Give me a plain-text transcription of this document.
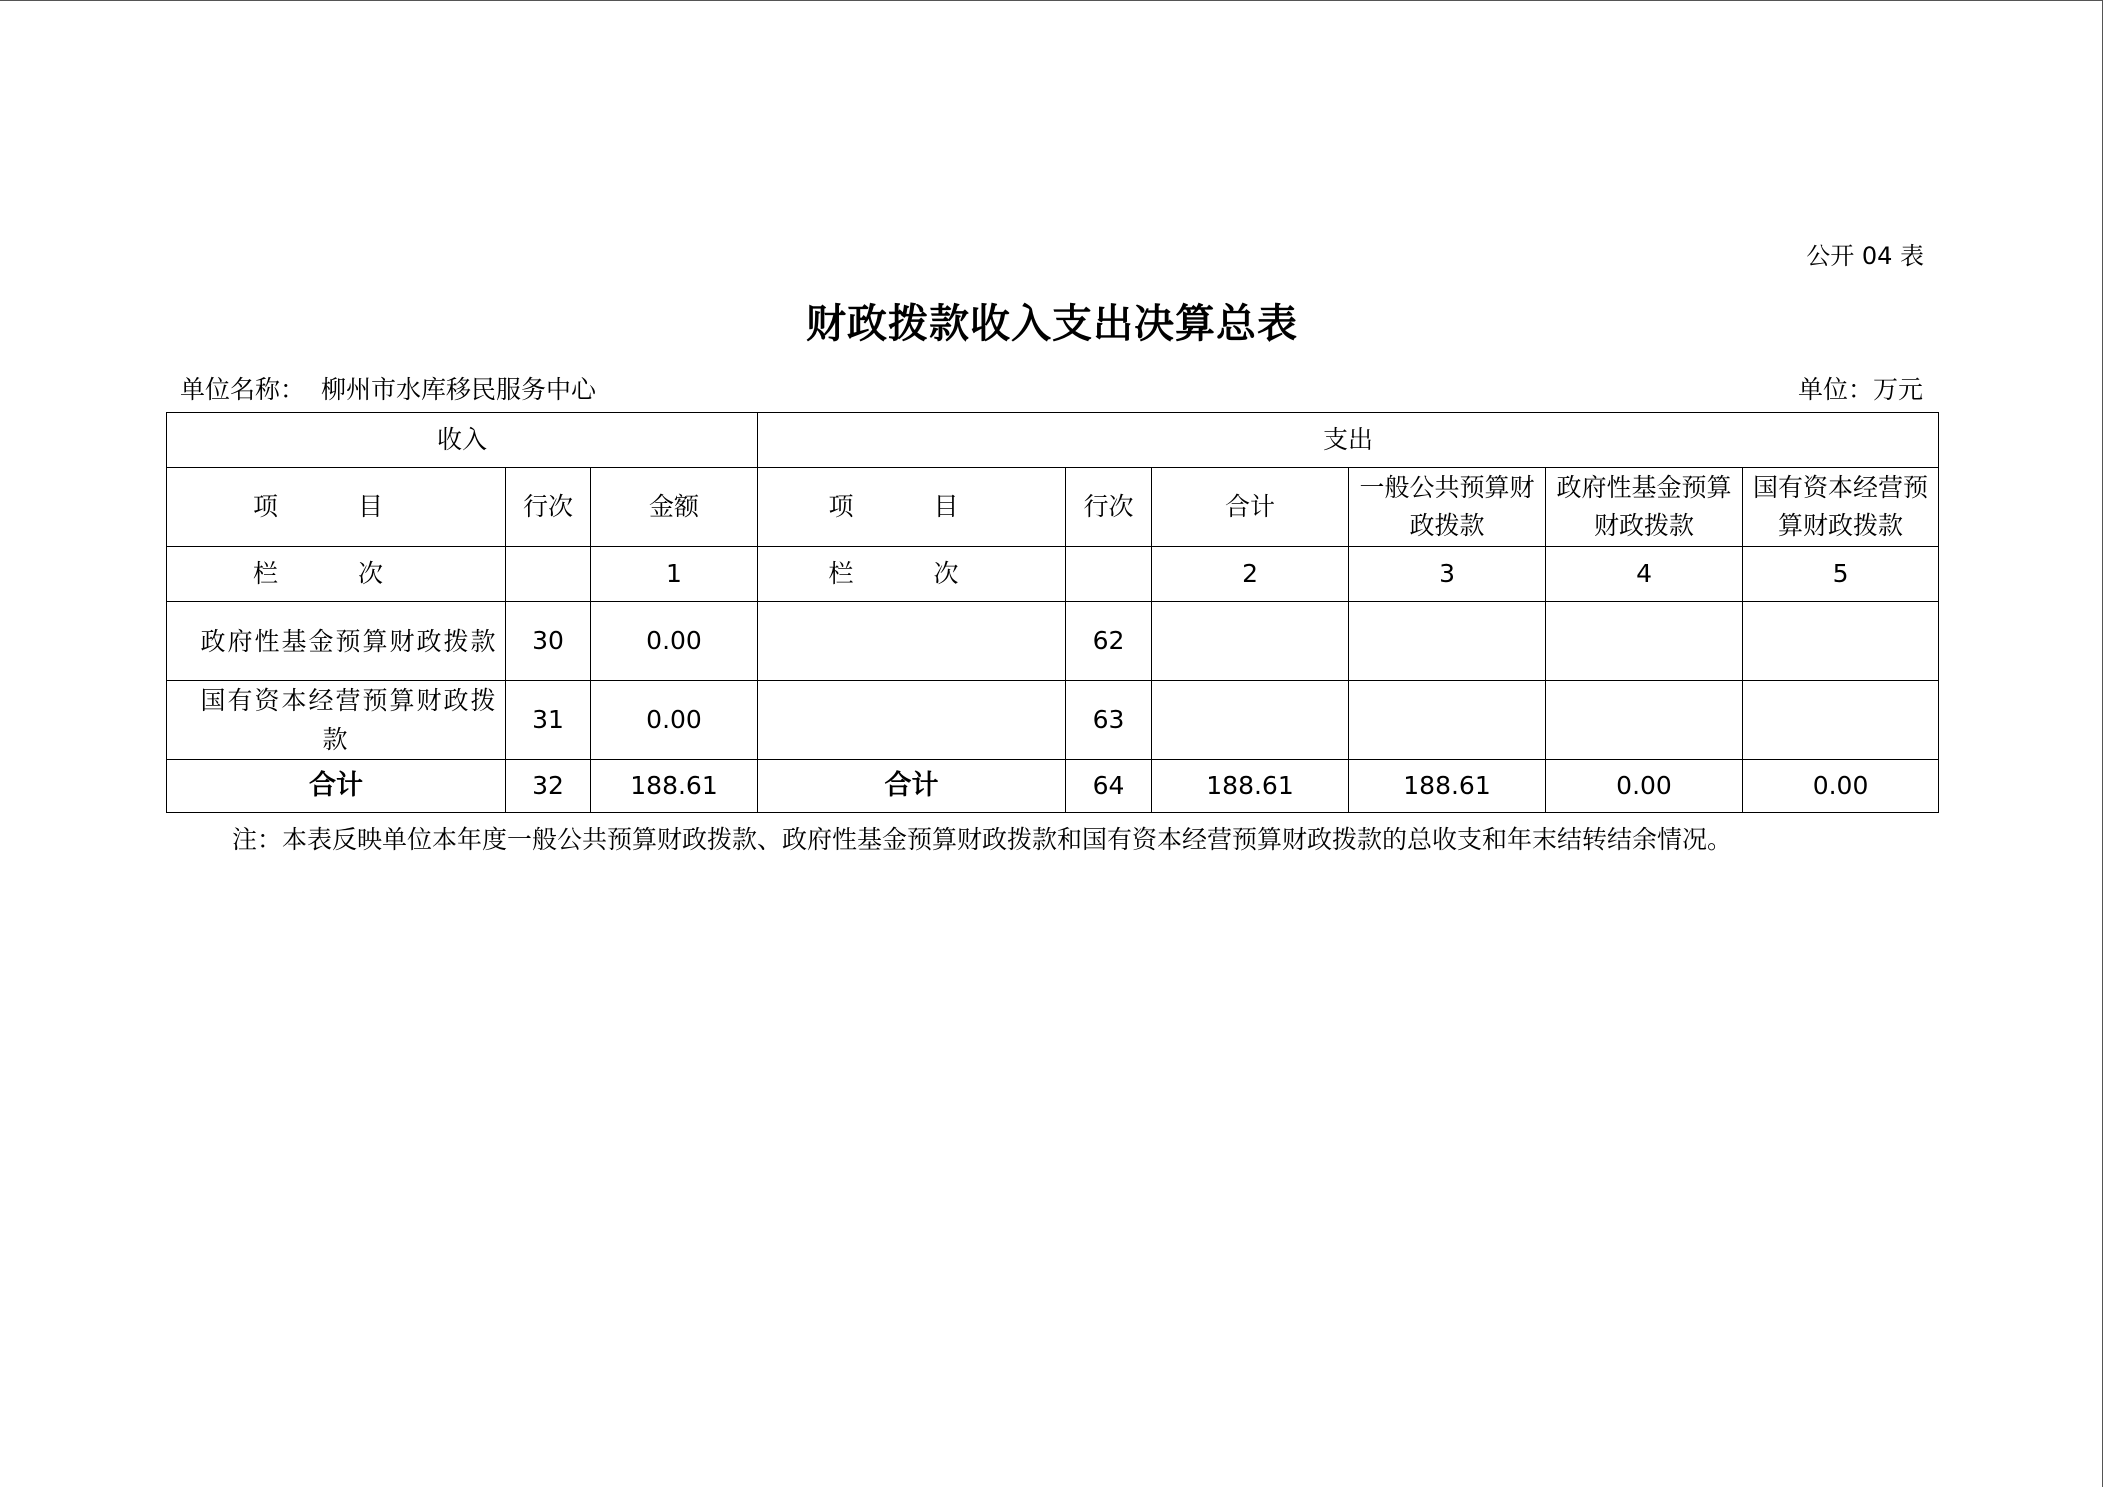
公开 04 表
财政拨款收入支出决算总表
单位名称： 柳州市水库移民服务中心	单位：万元
收入			支出					
项 目	行次	金额	项 目	行次	合计	一般公共预算财政拨款	政府性基金预算财政拨款	国有资本经营预算财政拨款
栏 次		1	栏 次		2	3	4	5

政府性基金预算财政拨款	30	0.00		62				

国有资本经营预算财政拨款	31	0.00		63				
合计	32	188.61	合计	64	188.61	188.61	0.00	0.00
注：本表反映单位本年度一般公共预算财政拨款、政府性基金预算财政拨款和国有资本经营预算财政拨款的总收支和年末结转结余情况。
